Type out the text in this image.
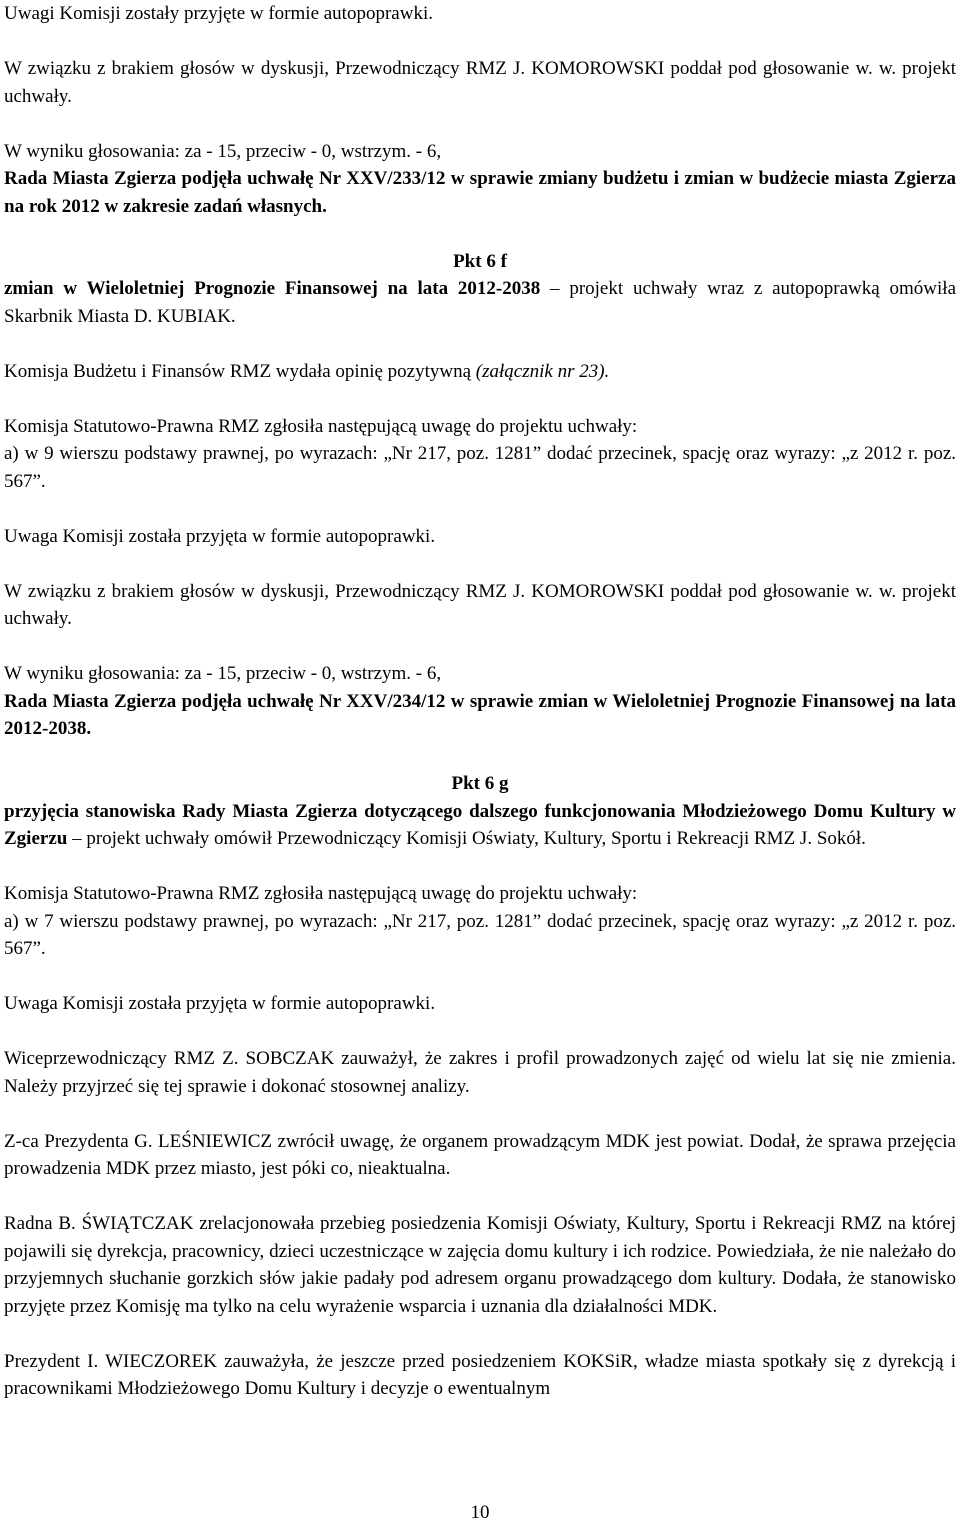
Uwagi Komisji zostały przyjęte w formie autopoprawki.

W związku z brakiem głosów w dyskusji, Przewodniczący RMZ J. KOMOROWSKI poddał pod głosowanie w. w. projekt uchwały.

W wyniku głosowania: za - 15, przeciw - 0, wstrzym. - 6,

Rada Miasta Zgierza podjęła uchwałę Nr XXV/233/12 w sprawie zmiany budżetu i zmian w budżecie miasta Zgierza na rok 2012 w zakresie zadań własnych.

Pkt 6 f

zmian w Wieloletniej Prognozie Finansowej na lata 2012-2038 – projekt uchwały wraz z autopoprawką omówiła Skarbnik Miasta D. KUBIAK.

Komisja Budżetu i Finansów RMZ wydała opinię pozytywną (załącznik nr 23).

Komisja Statutowo-Prawna RMZ zgłosiła następującą uwagę do projektu uchwały:

a) w 9 wierszu podstawy prawnej, po wyrazach: „Nr 217, poz. 1281” dodać przecinek, spację oraz wyrazy: „z 2012 r. poz. 567”.

Uwaga Komisji została przyjęta w formie autopoprawki.

W związku z brakiem głosów w dyskusji, Przewodniczący RMZ J. KOMOROWSKI poddał pod głosowanie w. w. projekt uchwały.

W wyniku głosowania: za - 15, przeciw - 0, wstrzym. - 6,

Rada Miasta Zgierza podjęła uchwałę Nr XXV/234/12 w sprawie zmian w Wieloletniej Prognozie Finansowej na lata 2012-2038.

Pkt 6 g

przyjęcia stanowiska Rady Miasta Zgierza dotyczącego dalszego funkcjonowania Młodzieżowego Domu Kultury w Zgierzu – projekt uchwały omówił Przewodniczący Komisji Oświaty, Kultury, Sportu i Rekreacji RMZ J. Sokół.

Komisja Statutowo-Prawna RMZ zgłosiła następującą uwagę do projektu uchwały:

a) w 7 wierszu podstawy prawnej, po wyrazach: „Nr 217, poz. 1281” dodać przecinek, spację oraz wyrazy: „z 2012 r. poz. 567”.

Uwaga Komisji została przyjęta w formie autopoprawki.

Wiceprzewodniczący RMZ Z. SOBCZAK zauważył, że zakres i profil prowadzonych zajęć od wielu lat się nie zmienia. Należy przyjrzeć się tej sprawie i dokonać stosownej analizy.

Z-ca Prezydenta G. LEŚNIEWICZ zwrócił uwagę, że organem prowadzącym MDK jest powiat. Dodał, że sprawa przejęcia prowadzenia MDK przez miasto, jest póki co, nieaktualna.

Radna B. ŚWIĄTCZAK zrelacjonowała przebieg posiedzenia Komisji Oświaty, Kultury, Sportu i Rekreacji RMZ na której pojawili się dyrekcja, pracownicy, dzieci uczestniczące w zajęcia domu kultury i ich rodzice. Powiedziała, że nie należało do przyjemnych słuchanie gorzkich słów jakie padały pod adresem organu prowadzącego dom kultury. Dodała, że stanowisko przyjęte przez Komisję ma tylko na celu wyrażenie wsparcia i uznania dla działalności MDK.

Prezydent I. WIECZOREK zauważyła, że jeszcze przed posiedzeniem KOKSiR, władze miasta spotkały się z dyrekcją i pracownikami Młodzieżowego Domu Kultury i decyzje o ewentualnym

10
